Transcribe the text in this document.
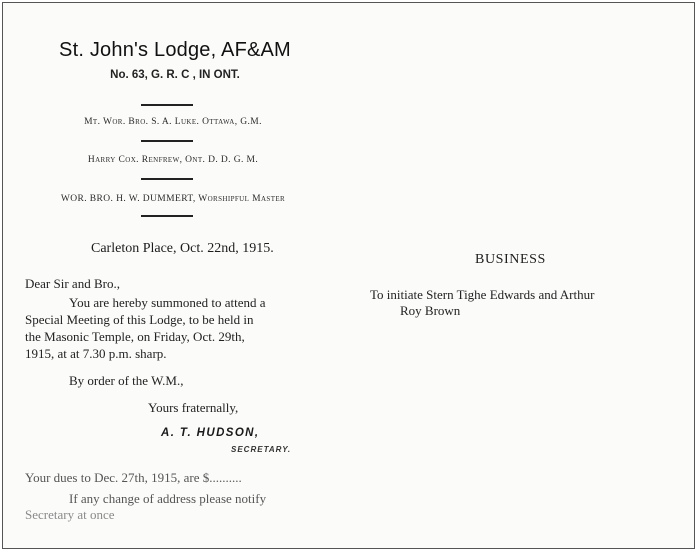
St. John's Lodge, AF&AM
No. 63, G. R. C , IN ONT.
Mt. Wor. Bro. S. A. Luke. Ottawa, G.M.
Harry Cox. Renfrew, Ont. D. D. G. M.
WOR. BRO. H. W. DUMMERT, Worshipful Master
Carleton Place, Oct. 22nd, 1915.
Dear Sir and Bro.,
You are hereby summoned to attend a
Special Meeting of this Lodge, to be held in
the Masonic Temple, on Friday, Oct. 29th,
1915, at at 7.30 p.m. sharp.
By order of the W.M.,
Yours fraternally,
A. T. HUDSON,
SECRETARY.
Your dues to Dec. 27th, 1915, are $..........
If any change of address please notify
Secretary at once
BUSINESS
To initiate Stern Tighe Edwards and Arthur
Roy Brown
